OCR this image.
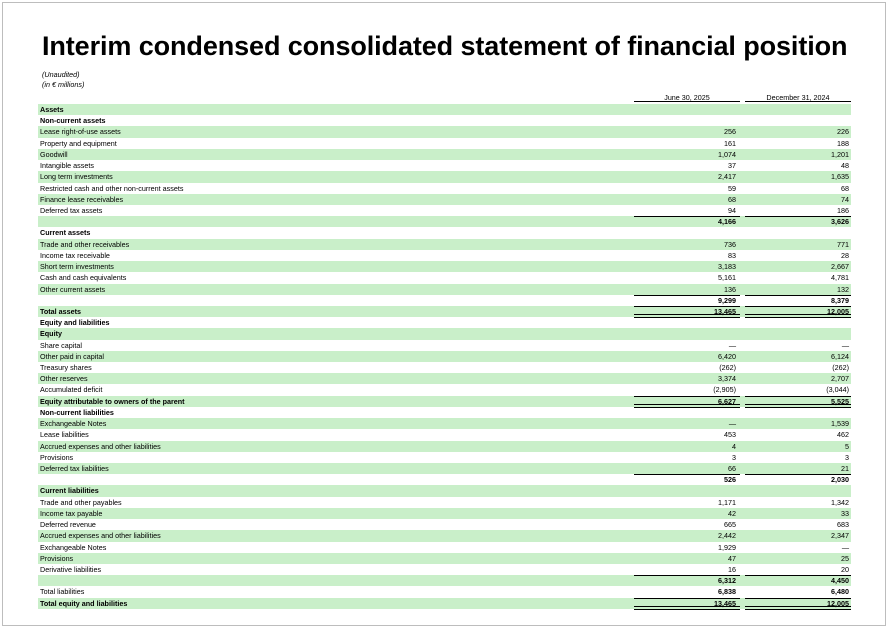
Interim condensed consolidated statement of financial position
(Unaudited)
(in € millions)
June 30, 2025	December 31, 2024
Assets
Non-current assets
Lease right-of-use assets	256	226
Property and equipment	161	188
Goodwill	1,074	1,201
Intangible assets	37	48
Long term investments	2,417	1,635
Restricted cash and other non-current assets	59	68
Finance lease receivables	68	74
Deferred tax assets	94	186
4,166	3,626
Current assets
Trade and other receivables	736	771
Income tax receivable	83	28
Short term investments	3,183	2,667
Cash and cash equivalents	5,161	4,781
Other current assets	136	132
9,299	8,379
Total assets	13,465	12,005
Equity and liabilities
Equity
Share capital	—	—
Other paid in capital	6,420	6,124
Treasury shares	(262)	(262)
Other reserves	3,374	2,707
Accumulated deficit	(2,905)	(3,044)
Equity attributable to owners of the parent	6,627	5,525
Non-current liabilities
Exchangeable Notes	—	1,539
Lease liabilities	453	462
Accrued expenses and other liabilities	4	5
Provisions	3	3
Deferred tax liabilities	66	21
526	2,030
Current liabilities
Trade and other payables	1,171	1,342
Income tax payable	42	33
Deferred revenue	665	683
Accrued expenses and other liabilities	2,442	2,347
Exchangeable Notes	1,929	—
Provisions	47	25
Derivative liabilities	16	20
6,312	4,450
Total liabilities	6,838	6,480
Total equity and liabilities	13,465	12,005
